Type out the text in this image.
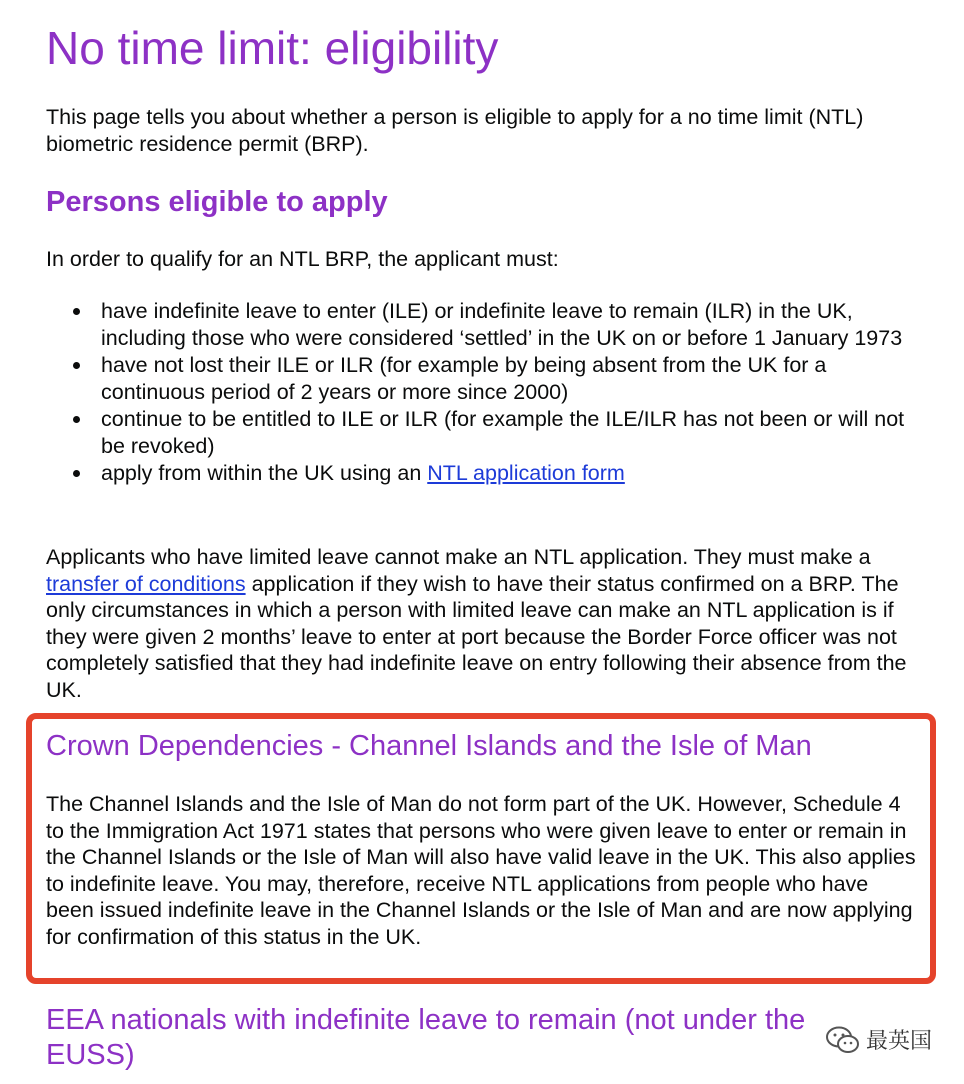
No time limit: eligibility

This page tells you about whether a person is eligible to apply for a no time limit (NTL) biometric residence permit (BRP).

Persons eligible to apply

In order to qualify for an NTL BRP, the applicant must:

have indefinite leave to enter (ILE) or indefinite leave to remain (ILR) in the UK, including those who were considered ‘settled’ in the UK on or before 1 January 1973
have not lost their ILE or ILR (for example by being absent from the UK for a continuous period of 2 years or more since 2000)
continue to be entitled to ILE or ILR (for example the ILE/ILR has not been or will not be revoked)
apply from within the UK using an NTL application form

Applicants who have limited leave cannot make an NTL application. They must make a transfer of conditions application if they wish to have their status confirmed on a BRP. The only circumstances in which a person with limited leave can make an NTL application is if they were given 2 months’ leave to enter at port because the Border Force officer was not completely satisfied that they had indefinite leave on entry following their absence from the UK.

Crown Dependencies - Channel Islands and the Isle of Man

The Channel Islands and the Isle of Man do not form part of the UK. However, Schedule 4 to the Immigration Act 1971 states that persons who were given leave to enter or remain in the Channel Islands or the Isle of Man will also have valid leave in the UK. This also applies to indefinite leave. You may, therefore, receive NTL applications from people who have been issued indefinite leave in the Channel Islands or the Isle of Man and are now applying for confirmation of this status in the UK.

EEA nationals with indefinite leave to remain (not under the EUSS)	最英国
